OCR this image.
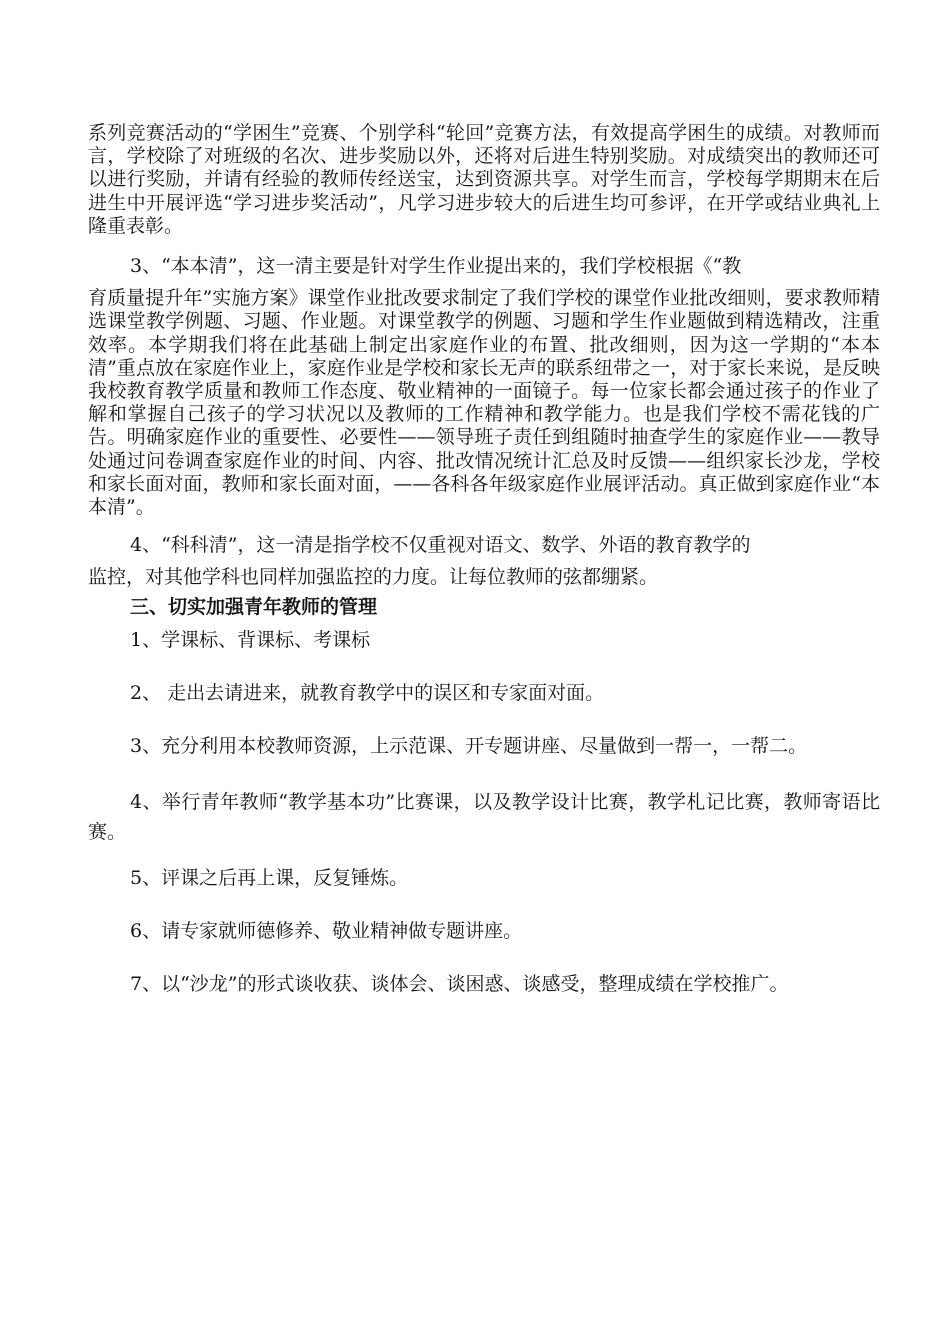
系列竞赛活动的“学困生”竞赛、个别学科“轮回”竞赛方法，有效提高学困生的成绩。对教师而言，学校除了对班级的名次、进步奖励以外，还将对后进生特别奖励。对成绩突出的教师还可以进行奖励，并请有经验的教师传经送宝，达到资源共享。对学生而言，学校每学期期末在后进生中开展评选“学习进步奖活动”，凡学习进步较大的后进生均可参评，在开学或结业典礼上隆重表彰。

3、“本本清”，这一清主要是针对学生作业提出来的，我们学校根据《“教

育质量提升年”实施方案》课堂作业批改要求制定了我们学校的课堂作业批改细则，要求教师精选课堂教学例题、习题、作业题。对课堂教学的例题、习题和学生作业题做到精选精改，注重效率。本学期我们将在此基础上制定出家庭作业的布置、批改细则，因为这一学期的“本本清”重点放在家庭作业上，家庭作业是学校和家长无声的联系纽带之一，对于家长来说，是反映我校教育教学质量和教师工作态度、敬业精神的一面镜子。每一位家长都会通过孩子的作业了解和掌握自己孩子的学习状况以及教师的工作精神和教学能力。也是我们学校不需花钱的广告。明确家庭作业的重要性、必要性——领导班子责任到组随时抽查学生的家庭作业——教导处通过问卷调查家庭作业的时间、内容、批改情况统计汇总及时反馈——组织家长沙龙，学校和家长面对面，教师和家长面对面，——各科各年级家庭作业展评活动。真正做到家庭作业“本本清”。

4、“科科清”，这一清是指学校不仅重视对语文、数学、外语的教育教学的

监控，对其他学科也同样加强监控的力度。让每位教师的弦都绷紧。

三、切实加强青年教师的管理

1、学课标、背课标、考课标

2、 走出去请进来，就教育教学中的误区和专家面对面。

3、充分利用本校教师资源，上示范课、开专题讲座、尽量做到一帮一，一帮二。

4、举行青年教师“教学基本功”比赛课，以及教学设计比赛，教学札记比赛，教师寄语比赛。

5、评课之后再上课，反复锤炼。

6、请专家就师德修养、敬业精神做专题讲座。

7、以“沙龙”的形式谈收获、谈体会、谈困惑、谈感受，整理成绩在学校推广。
